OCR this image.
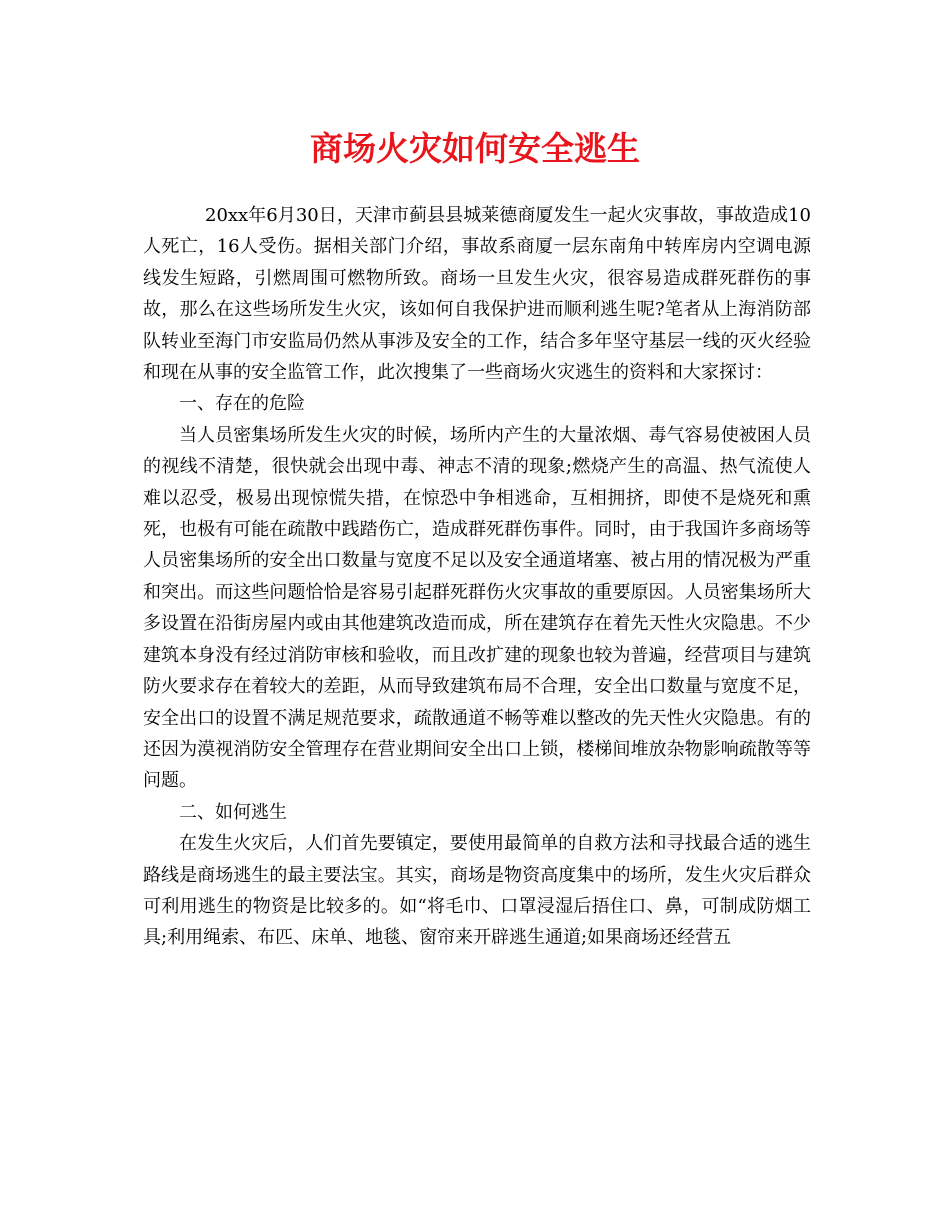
商场火灾如何安全逃生

20xx年6月30日，天津市蓟县县城莱德商厦发生一起火灾事故，事故造成10人死亡，16人受伤。据相关部门介绍，事故系商厦一层东南角中转库房内空调电源线发生短路，引燃周围可燃物所致。商场一旦发生火灾，很容易造成群死群伤的事故，那么在这些场所发生火灾，该如何自我保护进而顺利逃生呢?笔者从上海消防部队转业至海门市安监局仍然从事涉及安全的工作，结合多年坚守基层一线的灭火经验和现在从事的安全监管工作，此次搜集了一些商场火灾逃生的资料和大家探讨：

一、存在的危险

当人员密集场所发生火灾的时候，场所内产生的大量浓烟、毒气容易使被困人员的视线不清楚，很快就会出现中毒、神志不清的现象;燃烧产生的高温、热气流使人难以忍受，极易出现惊慌失措，在惊恐中争相逃命，互相拥挤，即使不是烧死和熏死，也极有可能在疏散中践踏伤亡，造成群死群伤事件。同时，由于我国许多商场等人员密集场所的安全出口数量与宽度不足以及安全通道堵塞、被占用的情况极为严重和突出。而这些问题恰恰是容易引起群死群伤火灾事故的重要原因。人员密集场所大多设置在沿街房屋内或由其他建筑改造而成，所在建筑存在着先天性火灾隐患。不少建筑本身没有经过消防审核和验收，而且改扩建的现象也较为普遍，经营项目与建筑防火要求存在着较大的差距，从而导致建筑布局不合理，安全出口数量与宽度不足，安全出口的设置不满足规范要求，疏散通道不畅等难以整改的先天性火灾隐患。有的还因为漠视消防安全管理存在营业期间安全出口上锁，楼梯间堆放杂物影响疏散等等问题。

二、如何逃生

在发生火灾后，人们首先要镇定，要使用最简单的自救方法和寻找最合适的逃生路线是商场逃生的最主要法宝。其实，商场是物资高度集中的场所，发生火灾后群众可利用逃生的物资是比较多的。如“将毛巾、口罩浸湿后捂住口、鼻，可制成防烟工具;利用绳索、布匹、床单、地毯、窗帘来开辟逃生通道;如果商场还经营五
